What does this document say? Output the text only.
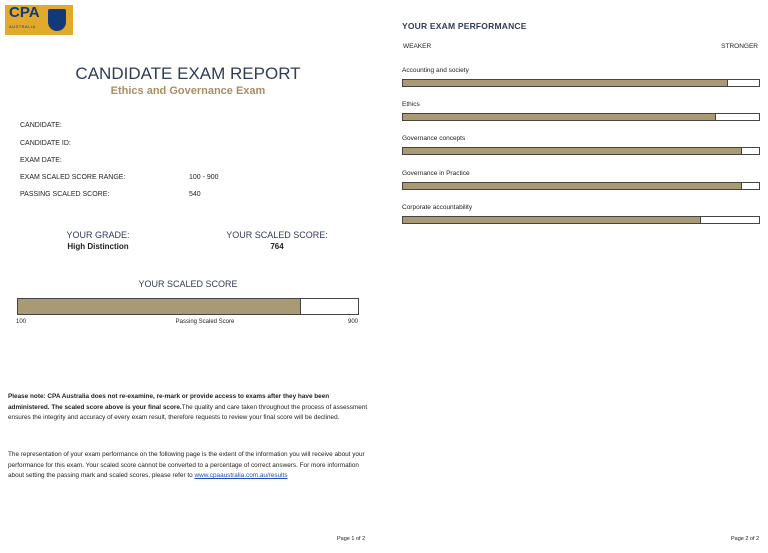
CPA
AUSTRALIA
CANDIDATE EXAM REPORT
Ethics and Governance Exam
CANDIDATE:
CANDIDATE ID:
EXAM DATE:
EXAM SCALED SCORE RANGE:	100 - 900
PASSING SCALED SCORE:	540
YOUR GRADE:
High Distinction
YOUR SCALED SCORE:
764
YOUR SCALED SCORE
100	Passing Scaled Score	900
Please note: CPA Australia does not re-examine, re-mark or provide access to exams after they have been administered. The scaled score above is your final score.The quality and care taken throughout the process of assessment ensures the integrity and accuracy of every exam result, therefore requests to review your final score will be declined.
The representation of your exam performance on the following page is the extent of the information you will receive about your performance for this exam. Your scaled score cannot be converted to a percentage of correct answers. For more information about setting the passing mark and scaled scores, please refer to www.cpaaustralia.com.au/results
Page 1 of 2
YOUR EXAM PERFORMANCE
WEAKER	STRONGER
Accounting and society
Ethics
Governance concepts
Governance in Practice
Corporate accountability
Page 2 of 2
